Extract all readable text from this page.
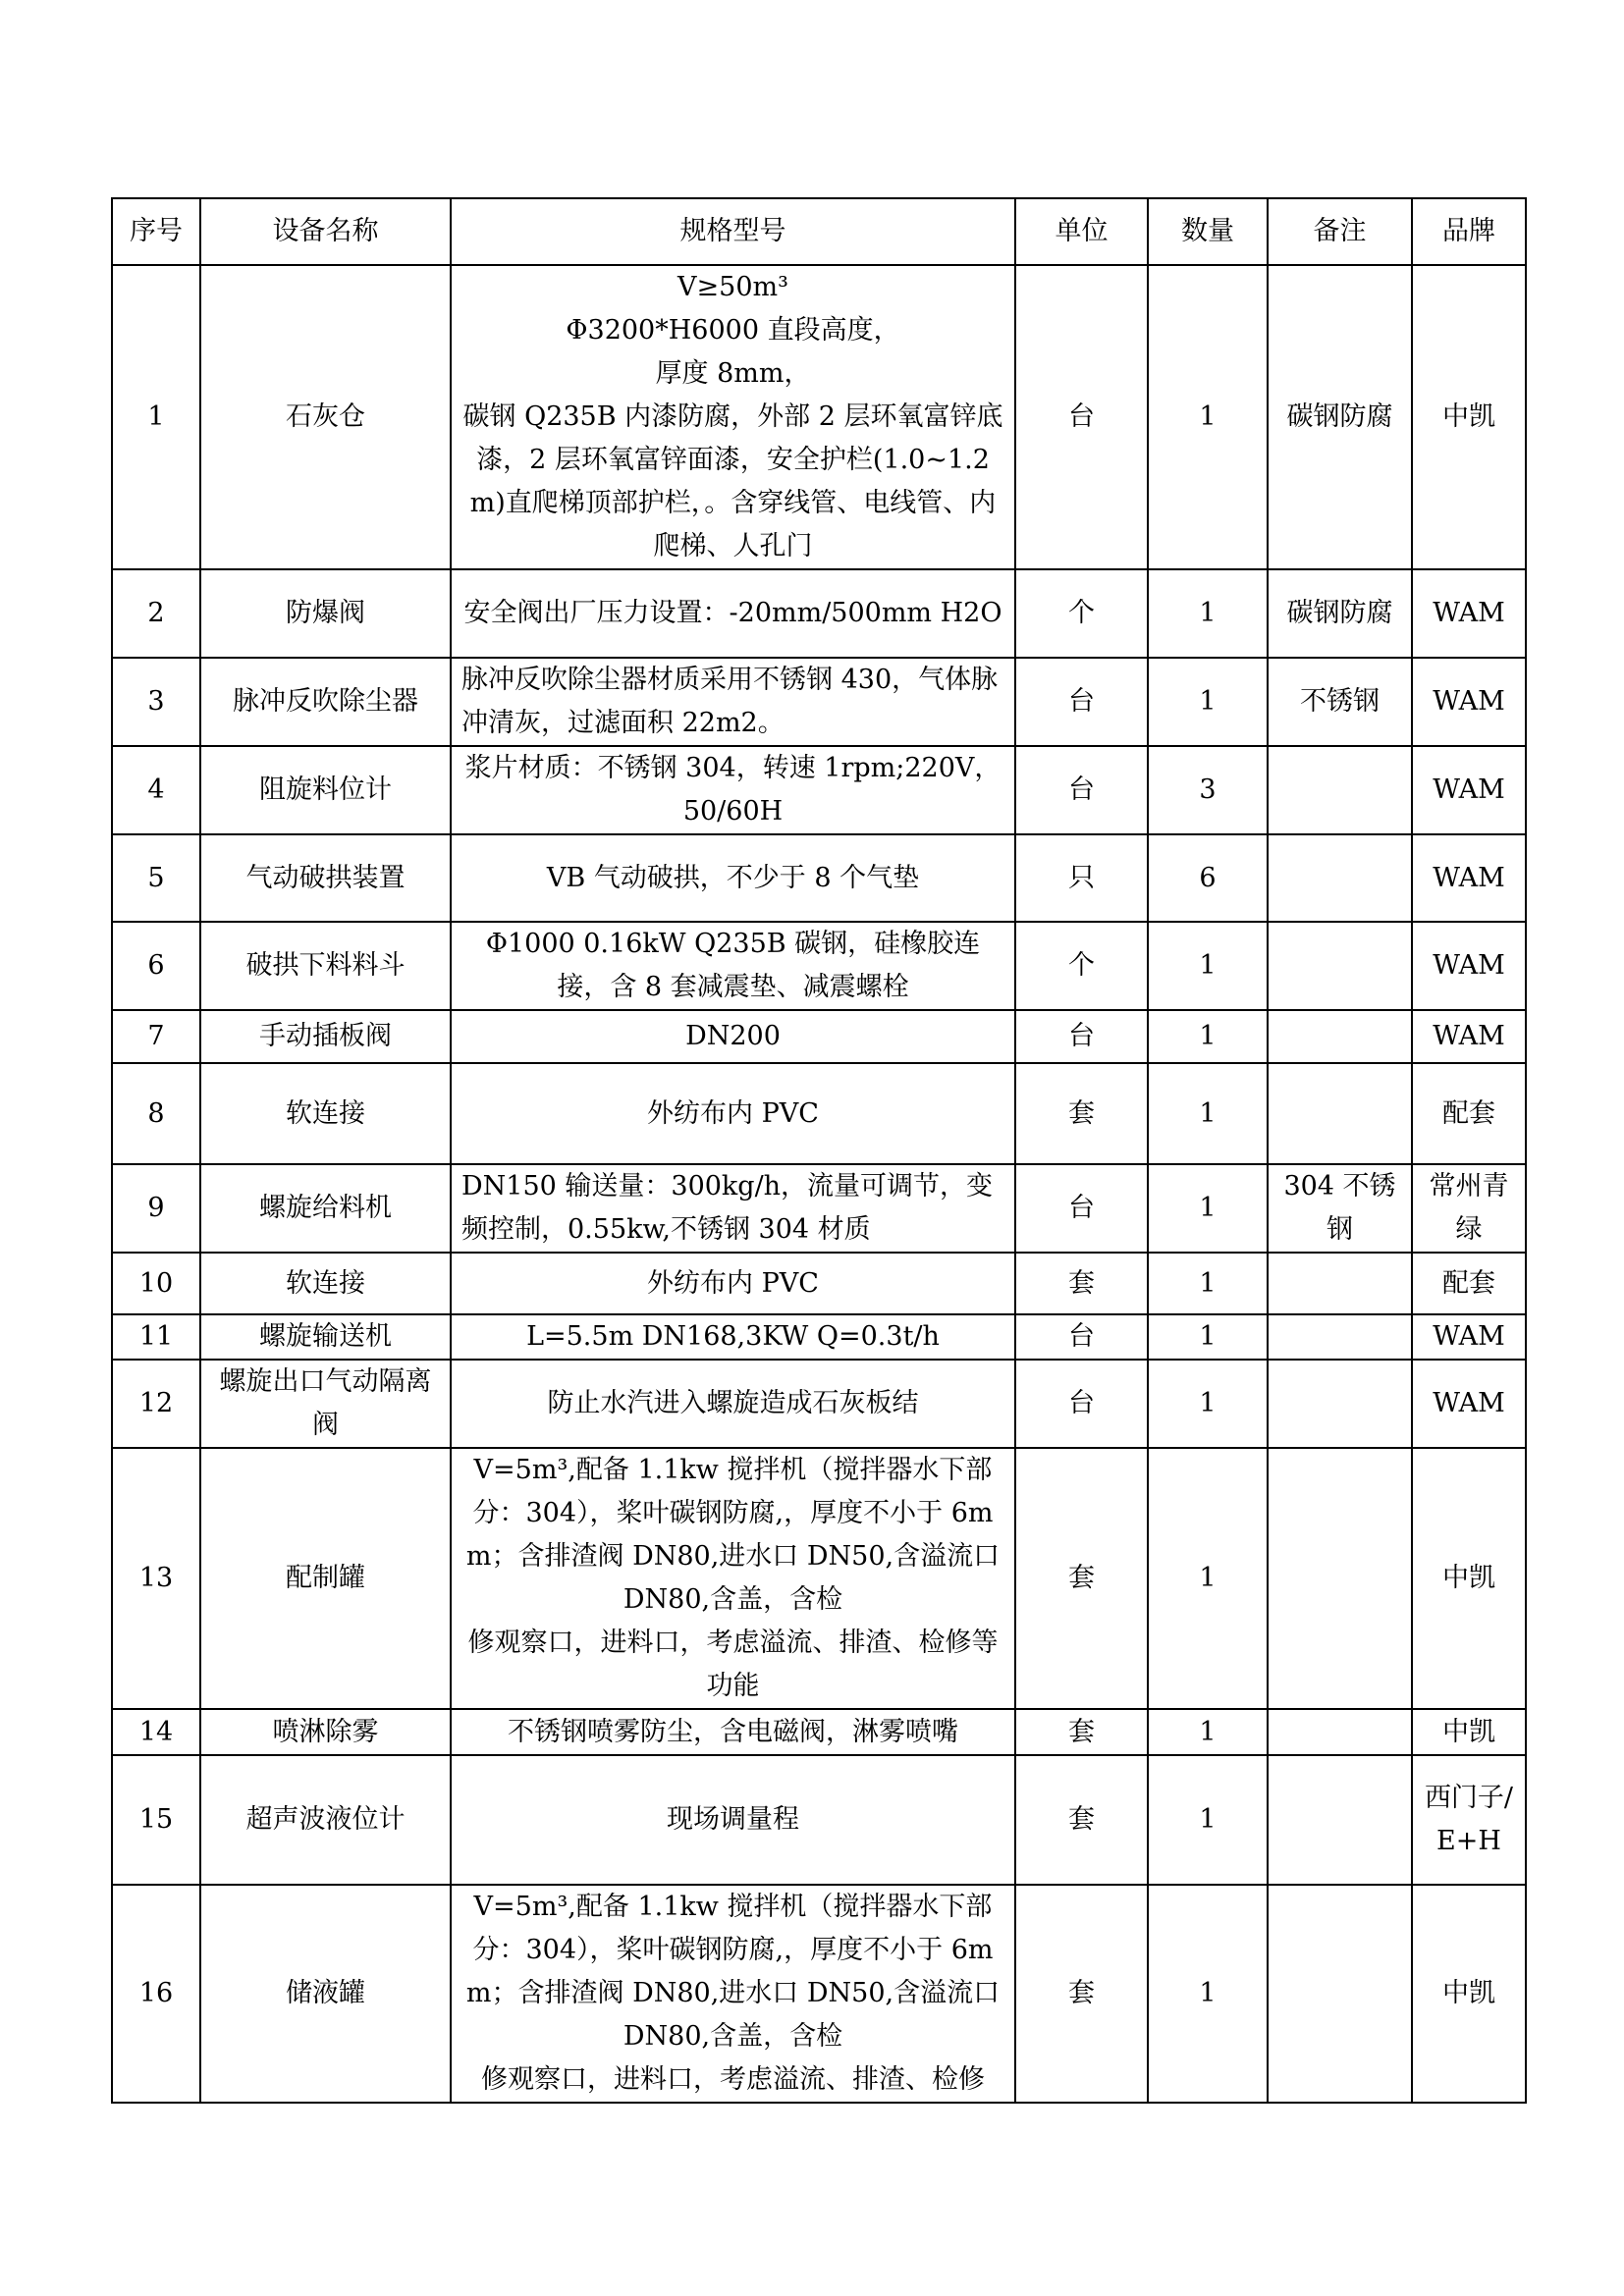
序号	设备名称	规格型号	单位	数量	备注	品牌
1	石灰仓	V≥50m³
Φ3200*H6000 直段高度，
厚度 8mm，
碳钢 Q235B 内漆防腐，外部 2 层环氧富锌底漆，2 层环氧富锌面漆，安全护栏(1.0~1.2m)直爬梯顶部护栏，。含穿线管、电线管、内爬梯、人孔门	台	1	碳钢防腐	中凯
2	防爆阀	安全阀出厂压力设置：-20mm/500mm H2O	个	1	碳钢防腐	WAM
3	脉冲反吹除尘器	脉冲反吹除尘器材质采用不锈钢 430，气体脉冲清灰，过滤面积 22m2。	台	1	不锈钢	WAM
4	阻旋料位计	浆片材质：不锈钢 304，转速 1rpm;220V，50/60H	台	3		WAM
5	气动破拱装置	VB 气动破拱，不少于 8 个气垫	只	6		WAM
6	破拱下料料斗	Φ1000 0.16kW Q235B 碳钢，硅橡胶连接，含 8 套减震垫、减震螺栓	个	1		WAM
7	手动插板阀	DN200	台	1		WAM
8	软连接	外纺布内 PVC	套	1		配套
9	螺旋给料机	DN150 输送量：300kg/h，流量可调节，变频控制，0.55kw,不锈钢 304 材质	台	1	304 不锈钢	常州青绿
10	软连接	外纺布内 PVC	套	1		配套
11	螺旋输送机	L=5.5m DN168,3KW Q=0.3t/h	台	1		WAM
12	螺旋出口气动隔离阀	防止水汽进入螺旋造成石灰板结	台	1		WAM
13	配制罐	V=5m³,配备 1.1kw 搅拌机（搅拌器水下部分：304），桨叶碳钢防腐,，厚度不小于 6mm；含排渣阀 DN80,进水口 DN50,含溢流口 DN80,含盖，含检
修观察口，进料口，考虑溢流、排渣、检修等功能	套	1		中凯
14	喷淋除雾	不锈钢喷雾防尘，含电磁阀，淋雾喷嘴	套	1		中凯
15	超声波液位计	现场调量程	套	1		西门子/E+H
16	储液罐	V=5m³,配备 1.1kw 搅拌机（搅拌器水下部分：304），桨叶碳钢防腐,，厚度不小于 6mm；含排渣阀 DN80,进水口 DN50,含溢流口 DN80,含盖，含检
修观察口，进料口，考虑溢流、排渣、检修	套	1		中凯
